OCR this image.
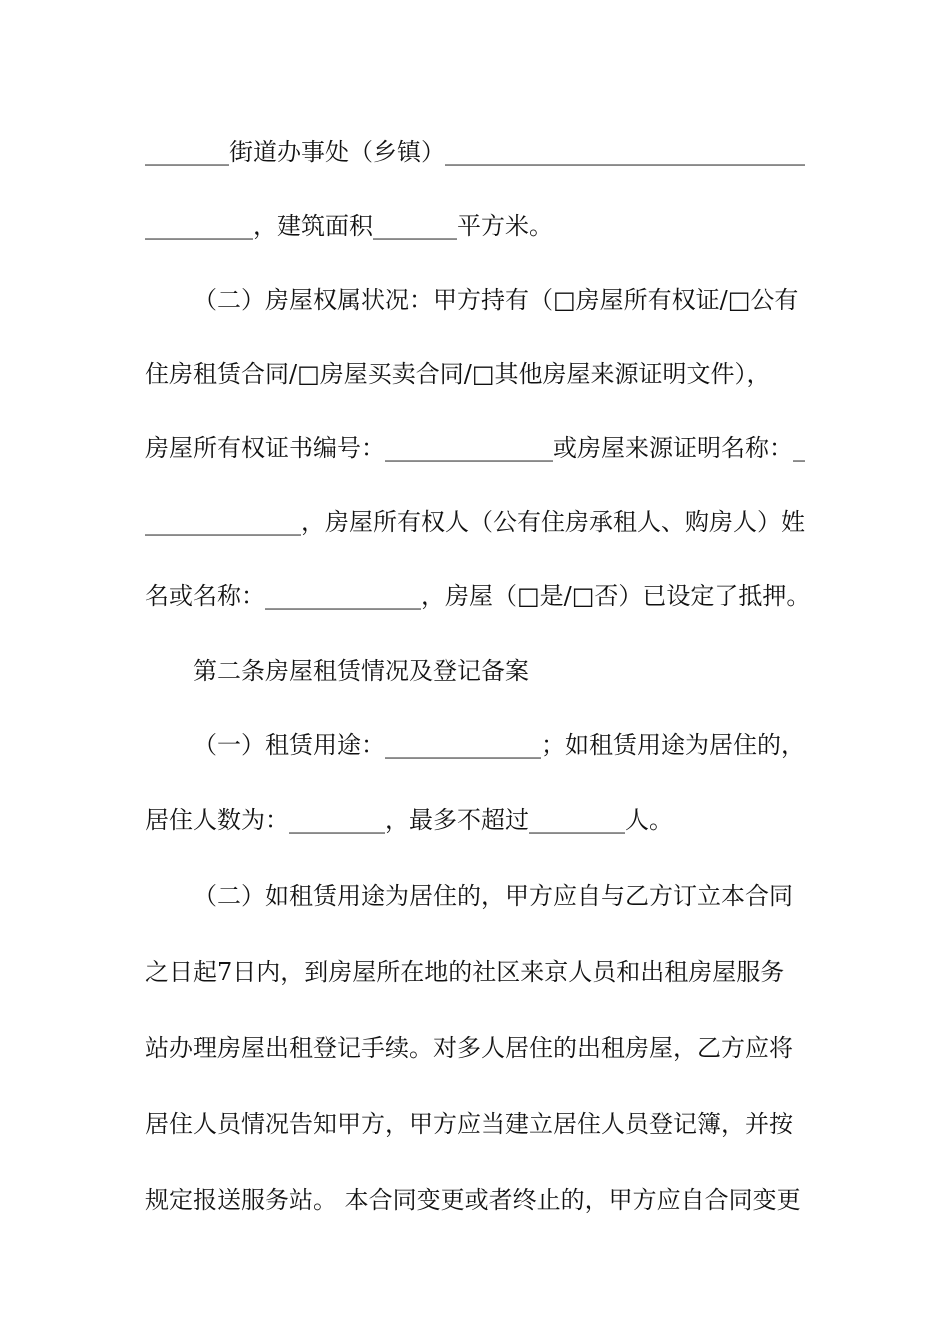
_______街道办事处（乡镇）______________________________
_________，建筑面积_______平方米。
（二）房屋权属状况：甲方持有（□房屋所有权证/□公有
住房租赁合同/□房屋买卖合同/□其他房屋来源证明文件），
房屋所有权证书编号：______________或房屋来源证明名称：_
_____________，房屋所有权人（公有住房承租人、购房人）姓
名或名称：_____________，房屋（□是/□否）已设定了抵押。
第二条房屋租赁情况及登记备案
（一）租赁用途：_____________；如租赁用途为居住的，
居住人数为：________，最多不超过________人。
（二）如租赁用途为居住的，甲方应自与乙方订立本合同
之日起7日内，到房屋所在地的社区来京人员和出租房屋服务
站办理房屋出租登记手续。对多人居住的出租房屋，乙方应将
居住人员情况告知甲方，甲方应当建立居住人员登记簿，并按
规定报送服务站。 本合同变更或者终止的，甲方应自合同变更
